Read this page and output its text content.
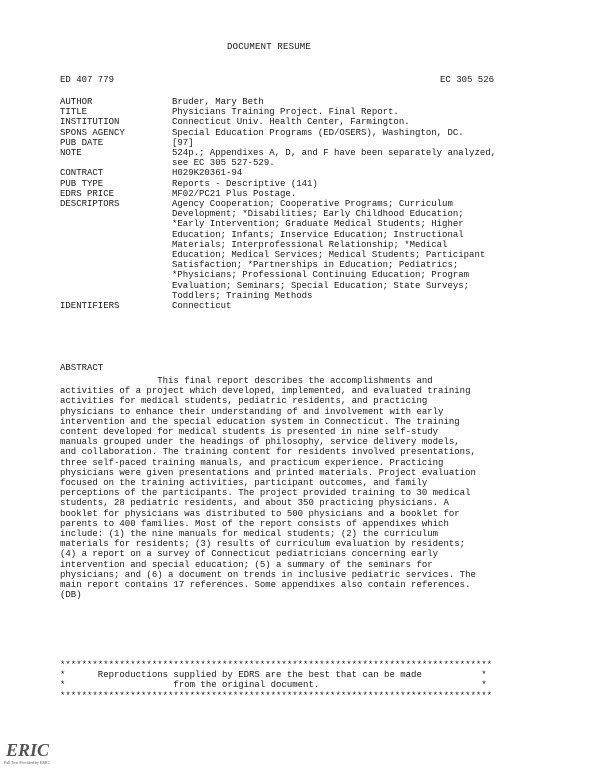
DOCUMENT RESUME
ED 407 779	EC 305 526
AUTHOR	Bruder, Mary Beth
TITLE	Physicians Training Project. Final Report.
INSTITUTION	Connecticut Univ. Health Center, Farmington.
SPONS AGENCY	Special Education Programs (ED/OSERS), Washington, DC.
PUB DATE	[97]
NOTE	524p.; Appendixes A, D, and F have been separately analyzed,
see EC 305 527-529.
CONTRACT	H029K20361-94
PUB TYPE	Reports - Descriptive (141)
EDRS PRICE	MF02/PC21 Plus Postage.
DESCRIPTORS	Agency Cooperation; Cooperative Programs; Curriculum
Development; *Disabilities; Early Childhood Education;
*Early Intervention; Graduate Medical Students; Higher
Education; Infants; Inservice Education; Instructional
Materials; Interprofessional Relationship; *Medical
Education; Medical Services; Medical Students; Participant
Satisfaction; *Partnerships in Education; Pediatrics;
*Physicians; Professional Continuing Education; Program
Evaluation; Seminars; Special Education; State Surveys;
Toddlers; Training Methods
IDENTIFIERS	Connecticut
ABSTRACT
This final report describes the accomplishments and
activities of a project which developed, implemented, and evaluated training
activities for medical students, pediatric residents, and practicing
physicians to enhance their understanding of and involvement with early
intervention and the special education system in Connecticut. The training
content developed for medical students is presented in nine self-study
manuals grouped under the headings of philosophy, service delivery models,
and collaboration. The training content for residents involved presentations,
three self-paced training manuals, and practicum experience. Practicing
physicians were given presentations and printed materials. Project evaluation
focused on the training activities, participant outcomes, and family
perceptions of the participants. The project provided training to 30 medical
students, 28 pediatric residents, and about 350 practicing physicians. A
booklet for physicians was distributed to 500 physicians and a booklet for
parents to 400 families. Most of the report consists of appendixes which
include: (1) the nine manuals for medical students; (2) the curriculum
materials for residents; (3) results of curriculum evaluation by residents;
(4) a report on a survey of Connecticut pediatricians concerning early
intervention and special education; (5) a summary of the seminars for
physicians; and (6) a document on trends in inclusive pediatric services. The
main report contains 17 references. Some appendixes also contain references.
(DB)
********************************************************************************
*      Reproductions supplied by EDRS are the best that can be made           *
*                    from the original document.                              *
********************************************************************************
ERIC
Full Text Provided by ERIC
